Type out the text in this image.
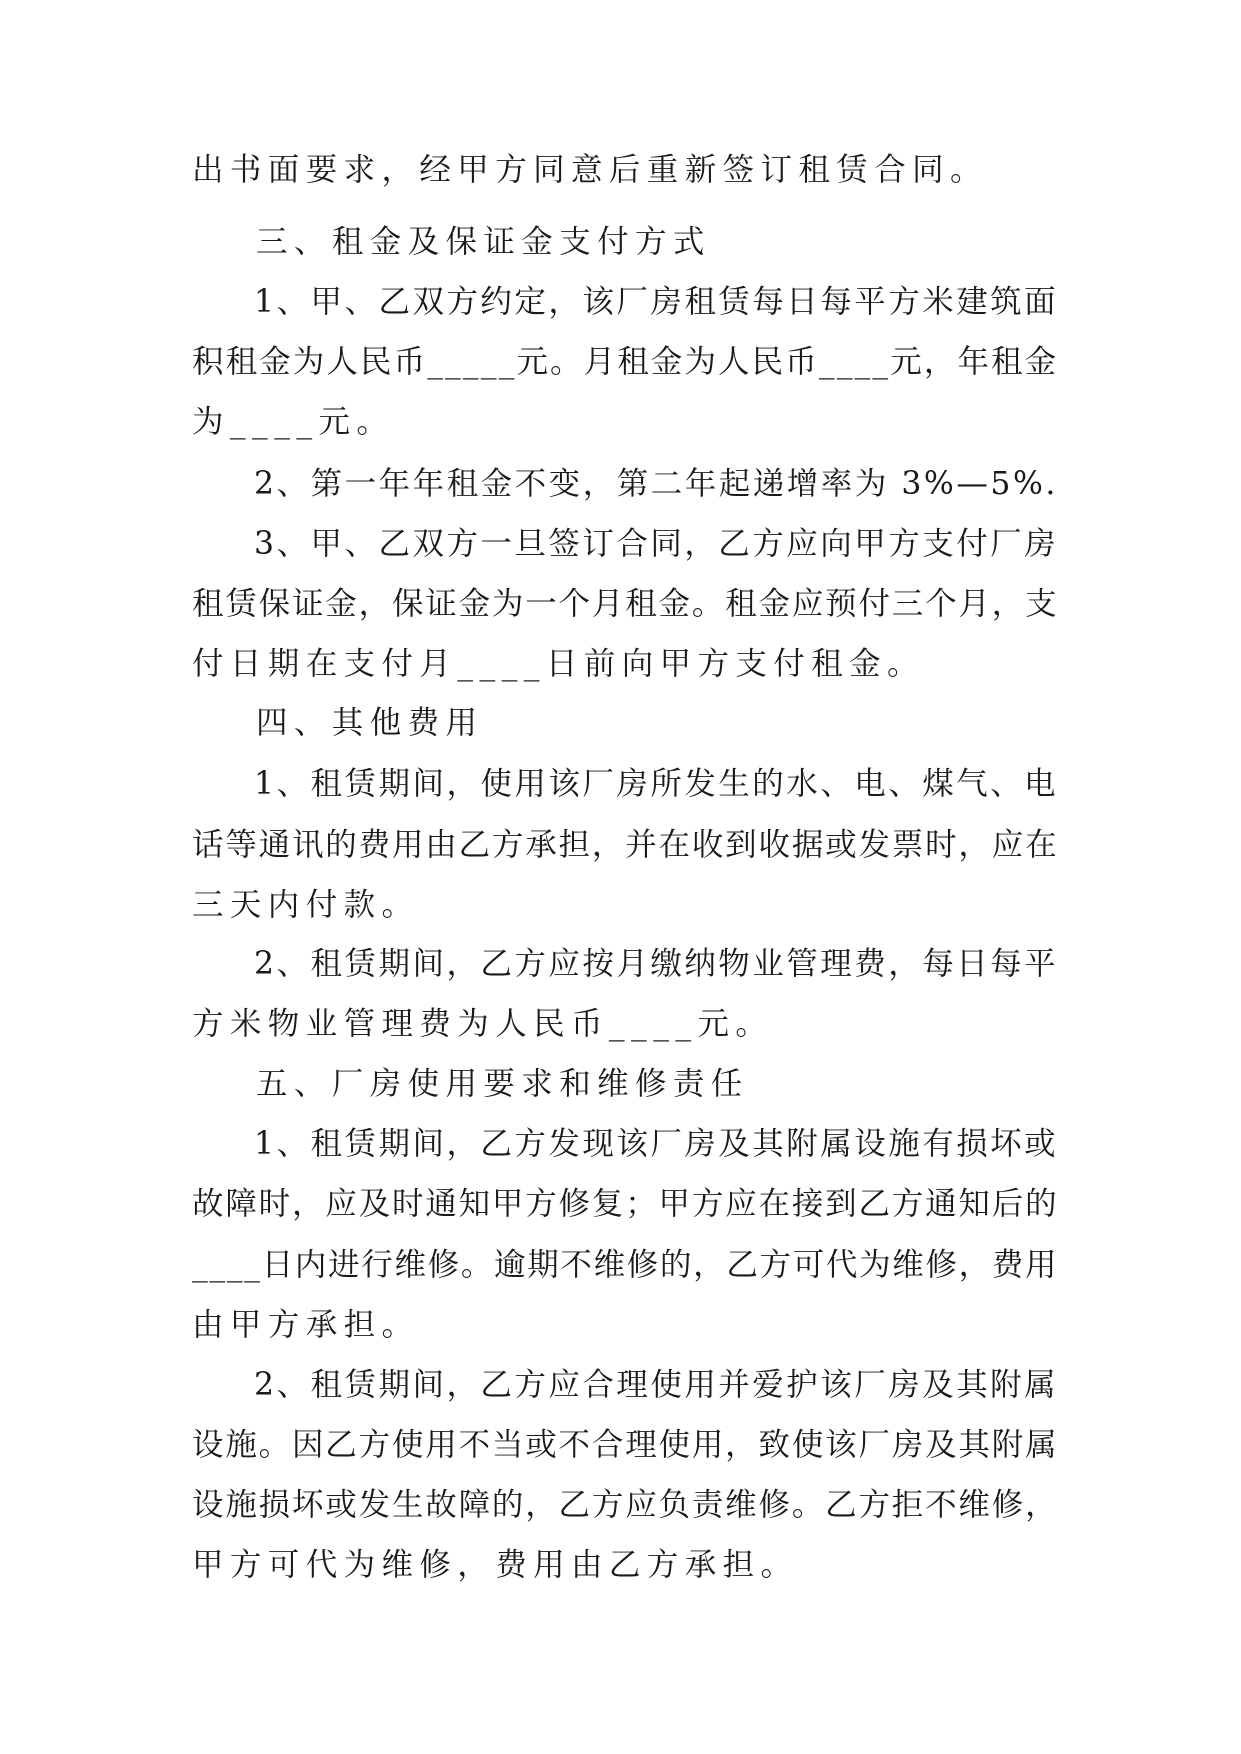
出书面要求，经甲方同意后重新签订租赁合同。
三、租金及保证金支付方式
1、甲、乙双方约定，该厂房租赁每日每平方米建筑面
积租金为人民币_____元。月租金为人民币____元，年租金
为____元。
2、第一年年租金不变，第二年起递增率为 3%—5%.
3、甲、乙双方一旦签订合同，乙方应向甲方支付厂房
租赁保证金，保证金为一个月租金。租金应预付三个月，支
付日期在支付月____日前向甲方支付租金。
四、其他费用
1、租赁期间，使用该厂房所发生的水、电、煤气、电
话等通讯的费用由乙方承担，并在收到收据或发票时，应在
三天内付款。
2、租赁期间，乙方应按月缴纳物业管理费，每日每平
方米物业管理费为人民币____元。
五、厂房使用要求和维修责任
1、租赁期间，乙方发现该厂房及其附属设施有损坏或
故障时，应及时通知甲方修复；甲方应在接到乙方通知后的
____日内进行维修。逾期不维修的，乙方可代为维修，费用
由甲方承担。
2、租赁期间，乙方应合理使用并爱护该厂房及其附属
设施。因乙方使用不当或不合理使用，致使该厂房及其附属
设施损坏或发生故障的，乙方应负责维修。乙方拒不维修，
甲方可代为维修，费用由乙方承担。
